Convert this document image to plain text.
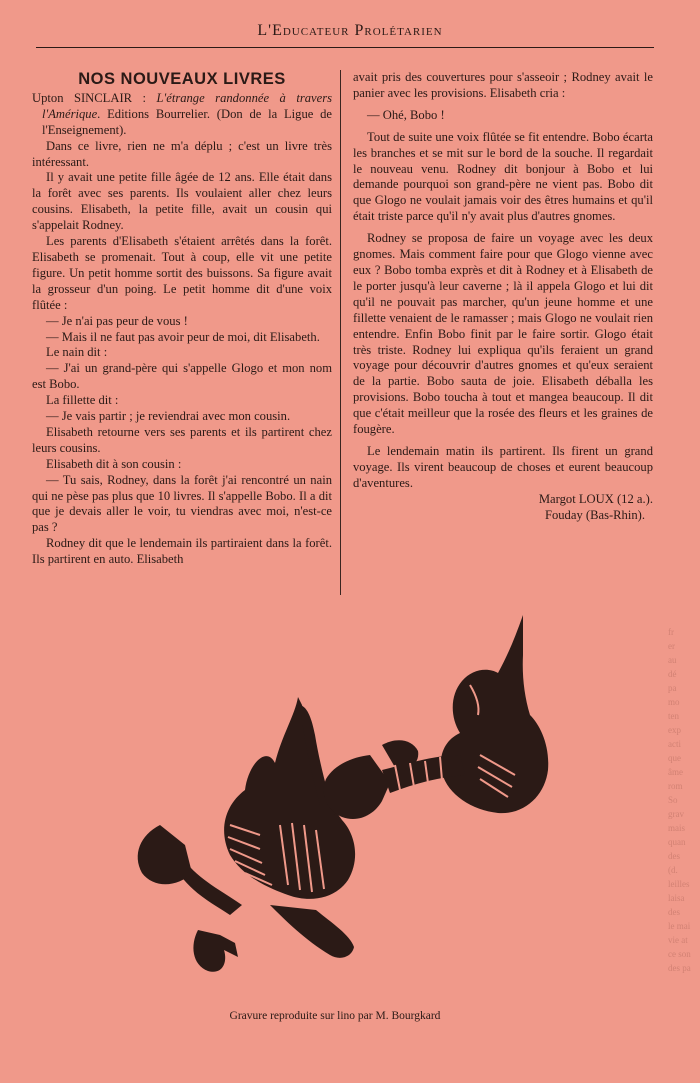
L'Educateur Prolétarien
NOS NOUVEAUX LIVRES

Upton SINCLAIR : L'étrange randonnée à travers l'Amérique. Editions Bourrelier. (Don de la Ligue de l'Enseignement).

Dans ce livre, rien ne m'a déplu ; c'est un livre très intéressant.

Il y avait une petite fille âgée de 12 ans. Elle était dans la forêt avec ses parents. Ils voulaient aller chez leurs cousins. Elisabeth, la petite fille, avait un cousin qui s'appelait Rodney.

Les parents d'Elisabeth s'étaient arrêtés dans la forêt. Elisabeth se promenait. Tout à coup, elle vit une petite figure. Un petit homme sortit des buissons. Sa figure avait la grosseur d'un poing. Le petit homme dit d'une voix flûtée :

— Je n'ai pas peur de vous !

— Mais il ne faut pas avoir peur de moi, dit Elisabeth.

Le nain dit :

— J'ai un grand-père qui s'appelle Glogo et mon nom est Bobo.

La fillette dit :

— Je vais partir ; je reviendrai avec mon cousin.

Elisabeth retourne vers ses parents et ils partirent chez leurs cousins.

Elisabeth dit à son cousin :

— Tu sais, Rodney, dans la forêt j'ai rencontré un nain qui ne pèse pas plus que 10 livres. Il s'appelle Bobo. Il a dit que je devais aller le voir, tu viendras avec moi, n'est-ce pas ?

Rodney dit que le lendemain ils partiraient dans la forêt. Ils partirent en auto. Elisabeth

avait pris des couvertures pour s'asseoir ; Rodney avait le panier avec les provisions. Elisabeth cria :

— Ohé, Bobo !

Tout de suite une voix flûtée se fit entendre. Bobo écarta les branches et se mit sur le bord de la souche. Il regardait le nouveau venu. Rodney dit bonjour à Bobo et lui demande pourquoi son grand-père ne vient pas. Bobo dit que Glogo ne voulait jamais voir des êtres humains et qu'il était triste parce qu'il n'y avait plus d'autres gnomes.

Rodney se proposa de faire un voyage avec les deux gnomes. Mais comment faire pour que Glogo vienne avec eux ? Bobo tomba exprès et dit à Rodney et à Elisabeth de le porter jusqu'à leur caverne ; là il appela Glogo et lui dit qu'il ne pouvait pas marcher, qu'un jeune homme et une fillette venaient de le ramasser ; mais Glogo ne voulait rien entendre. Enfin Bobo finit par le faire sortir. Glogo était très triste. Rodney lui expliqua qu'ils feraient un grand voyage pour découvrir d'autres gnomes et qu'eux seraient de la partie. Bobo sauta de joie. Elisabeth déballa les provisions. Bobo toucha à tout et mangea beaucoup. Il dit que c'était meilleur que la rosée des fleurs et les graines de fougère.

Le lendemain matin ils partirent. Ils firent un grand voyage. Ils virent beaucoup de choses et eurent beaucoup d'aventures.

Margot LOUX (12 a.).

Fouday (Bas-Rhin).

fr
er
au
dé
pa
mo
ten
exp
acti
que
âme
rom
So
grav
mais
quan
des
(d.
leilles
laisa
des
le mai
vie at
ce son
des pa
Gravure reproduite sur lino par M. Bourgkard
